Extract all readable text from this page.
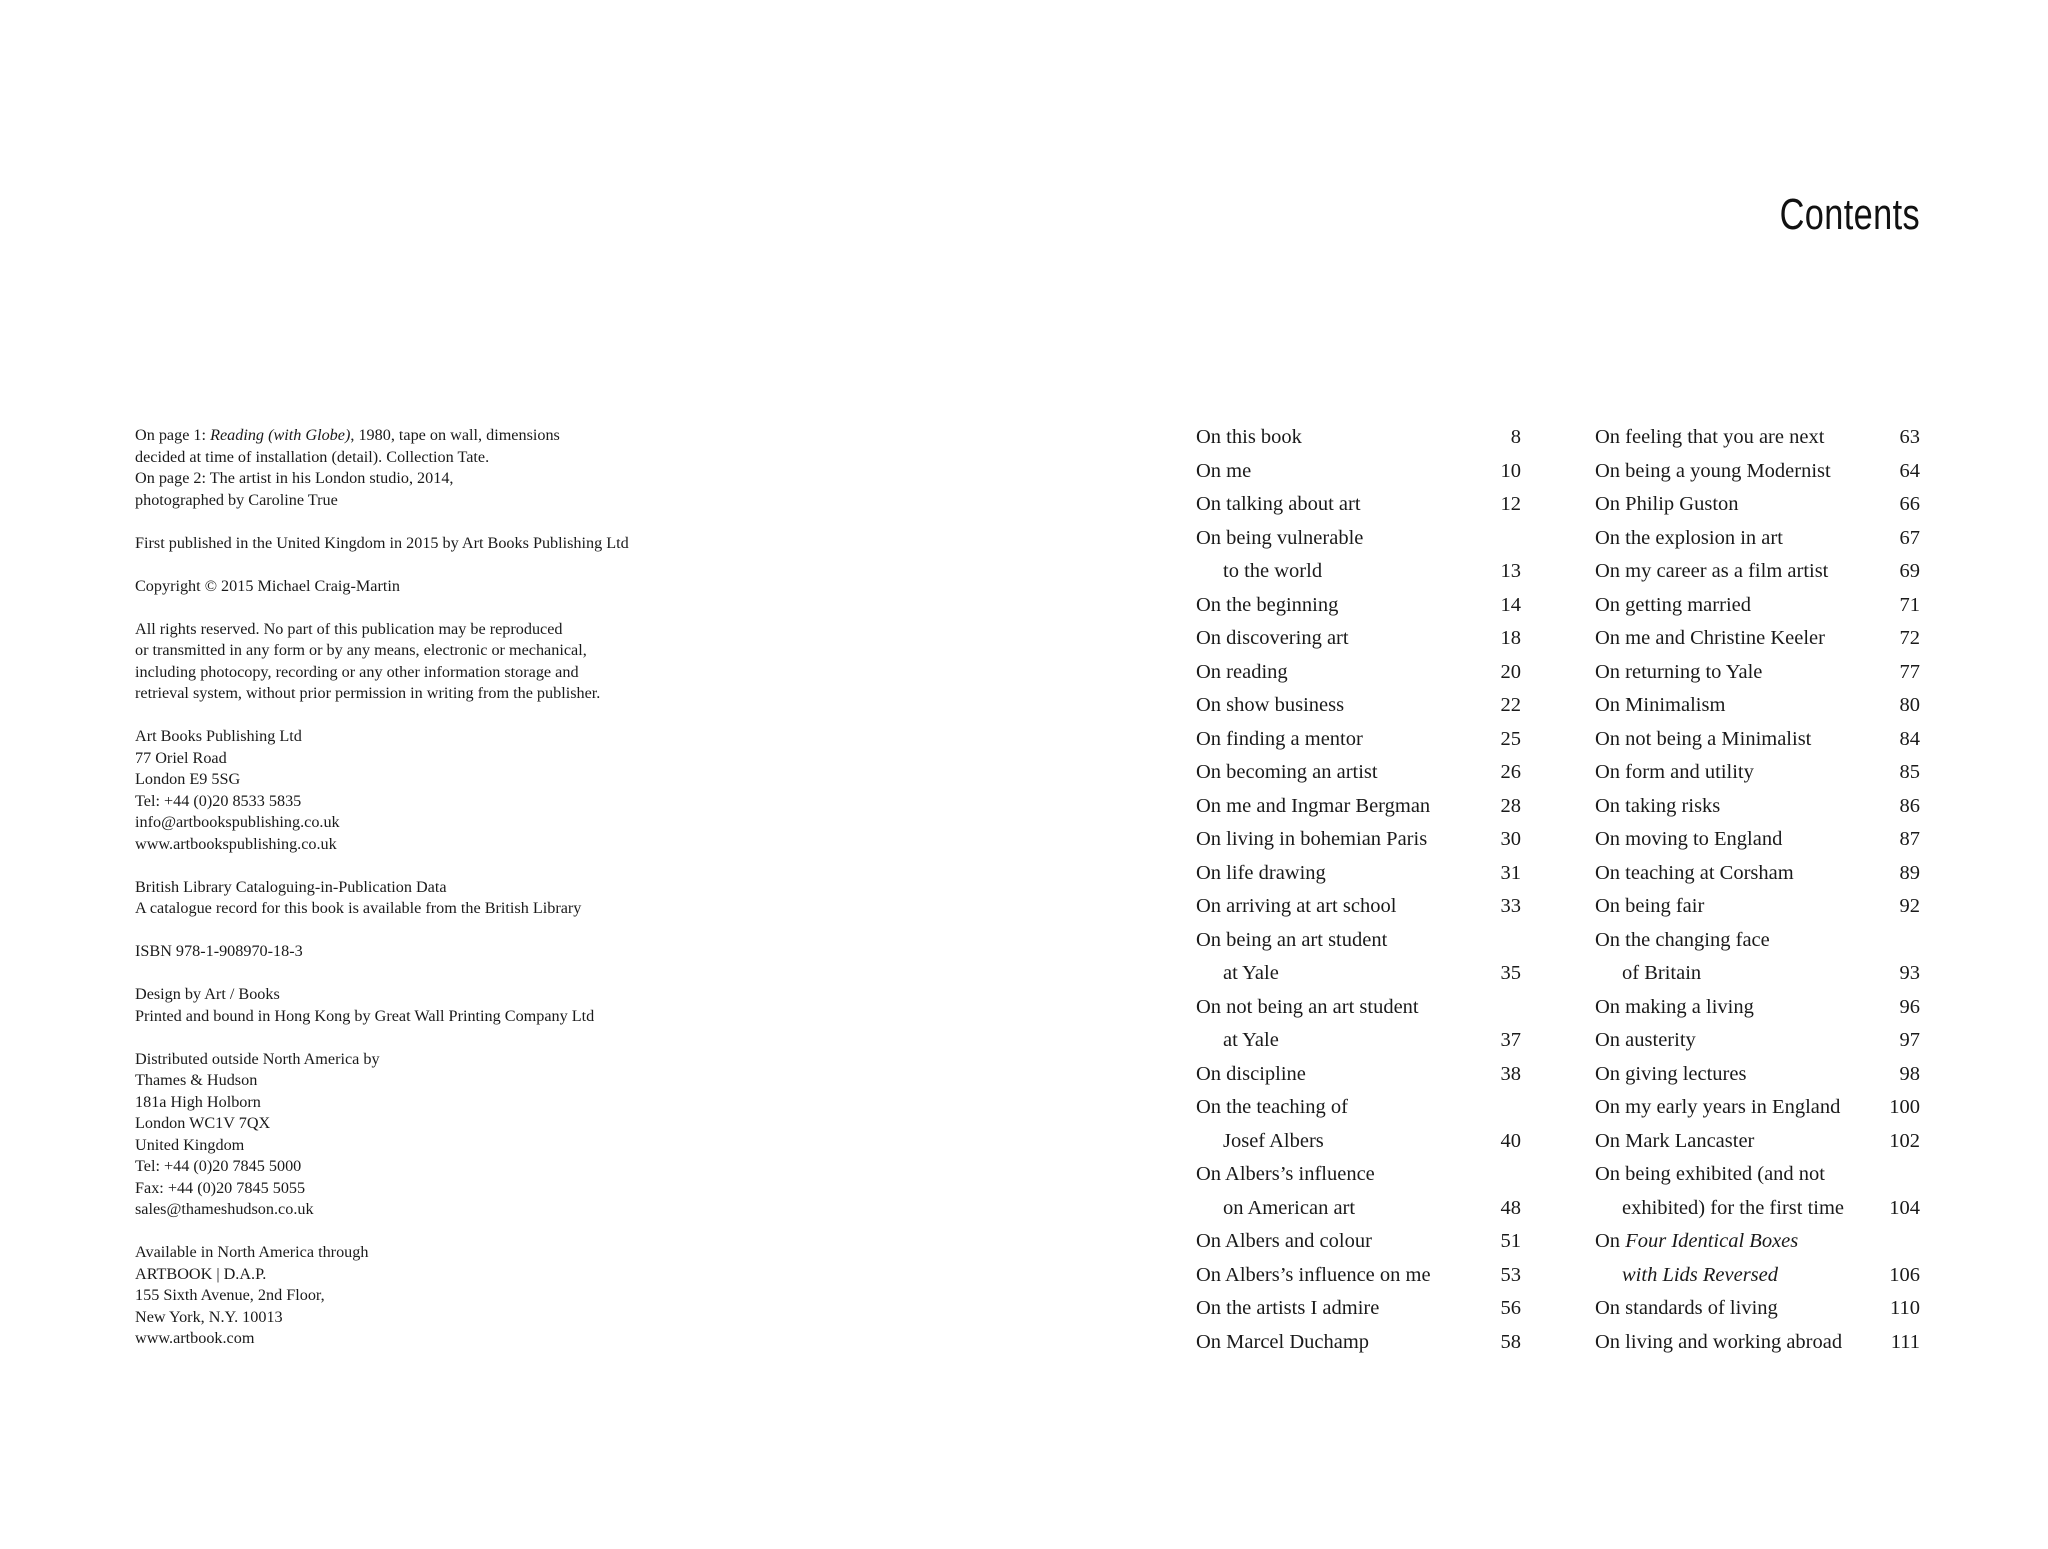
On page 1: Reading (with Globe), 1980, tape on wall, dimensions
decided at time of installation (detail). Collection Tate.
On page 2: The artist in his London studio, 2014,
photographed by Caroline True

First published in the United Kingdom in 2015 by Art Books Publishing Ltd

Copyright © 2015 Michael Craig-Martin

All rights reserved. No part of this publication may be reproduced
or transmitted in any form or by any means, electronic or mechanical,
including photocopy, recording or any other information storage and
retrieval system, without prior permission in writing from the publisher.

Art Books Publishing Ltd
77 Oriel Road
London E9 5SG
Tel: +44 (0)20 8533 5835
info@artbookspublishing.co.uk
www.artbookspublishing.co.uk

British Library Cataloguing-in-Publication Data
A catalogue record for this book is available from the British Library

ISBN 978-1-908970-18-3

Design by Art / Books
Printed and bound in Hong Kong by Great Wall Printing Company Ltd

Distributed outside North America by
Thames & Hudson
181a High Holborn
London WC1V 7QX
United Kingdom
Tel: +44 (0)20 7845 5000
Fax: +44 (0)20 7845 5055
sales@thameshudson.co.uk

Available in North America through
ARTBOOK | D.A.P.
155 Sixth Avenue, 2nd Floor,
New York, N.Y. 10013
www.artbook.com

Contents
On this book	8
On me	10
On talking about art	12
On being vulnerable
to the world	13
On the beginning	14
On discovering art	18
On reading	20
On show business	22
On finding a mentor	25
On becoming an artist	26
On me and Ingmar Bergman	28
On living in bohemian Paris	30
On life drawing	31
On arriving at art school	33
On being an art student
at Yale	35
On not being an art student
at Yale	37
On discipline	38
On the teaching of
Josef Albers	40
On Albers’s influence
on American art	48
On Albers and colour	51
On Albers’s influence on me	53
On the artists I admire	56
On Marcel Duchamp	58
On feeling that you are next	63
On being a young Modernist	64
On Philip Guston	66
On the explosion in art	67
On my career as a film artist	69
On getting married	71
On me and Christine Keeler	72
On returning to Yale	77
On Minimalism	80
On not being a Minimalist	84
On form and utility	85
On taking risks	86
On moving to England	87
On teaching at Corsham	89
On being fair	92
On the changing face
of Britain	93
On making a living	96
On austerity	97
On giving lectures	98
On my early years in England 100
On Mark Lancaster	102
On being exhibited (and not
exhibited) for the first time 104
On Four Identical Boxes
with Lids Reversed	106
On standards of living	110
On living and working abroad 111
